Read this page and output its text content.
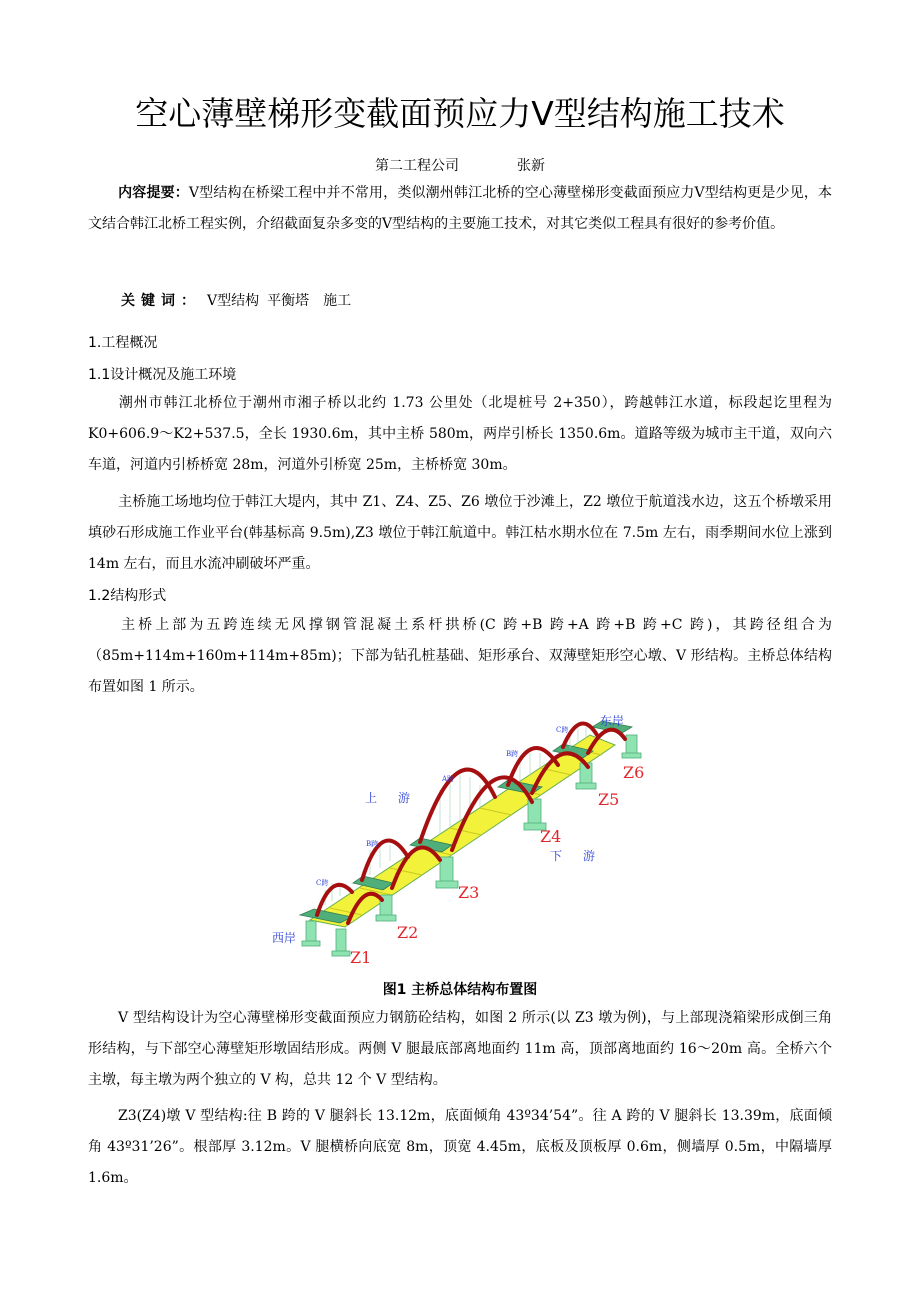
空心薄壁梯形变截面预应力Ⅴ型结构施工技术
第二工程公司	张新
内容提要：Ⅴ型结构在桥梁工程中并不常用，类似潮州韩江北桥的空心薄壁梯形变截面预应力Ⅴ型结构更是少见，本文结合韩江北桥工程实例，介绍截面复杂多变的Ⅴ型结构的主要施工技术，对其它类似工程具有很好的参考价值。
关键词： Ⅴ型结构 平衡塔 施工
1.工程概况
1.1设计概况及施工环境
潮州市韩江北桥位于潮州市湘子桥以北约 1.73 公里处（北堤桩号 2+350），跨越韩江水道，标段起讫里程为 K0+606.9～K2+537.5，全长 1930.6m，其中主桥 580m，两岸引桥长 1350.6m。道路等级为城市主干道，双向六车道，河道内引桥桥宽 28m，河道外引桥宽 25m，主桥桥宽 30m。
主桥施工场地均位于韩江大堤内，其中 Z1、Z4、Z5、Z6 墩位于沙滩上，Z2 墩位于航道浅水边，这五个桥墩采用填砂石形成施工作业平台(韩基标高 9.5m),Z3 墩位于韩江航道中。韩江枯水期水位在 7.5m 左右，雨季期间水位上涨到 14m 左右，而且水流冲刷破坏严重。
1.2结构形式
主桥上部为五跨连续无风撑钢管混凝土系杆拱桥(C 跨+B 跨+A 跨+B 跨+C 跨)，其跨径组合为（85m+114m+160m+114m+85m)；下部为钻孔桩基础、矩形承台、双薄壁矩形空心墩、V 形结构。主桥总体结构布置如图 1 所示。
西岸
东岸
上 游
下 游
C跨
B跨
A跨
B跨
C跨
Z1
Z2
Z3
Z4
Z5
Z6
图1 主桥总体结构布置图
V 型结构设计为空心薄壁梯形变截面预应力钢筋砼结构，如图 2 所示(以 Z3 墩为例)，与上部现浇箱梁形成倒三角形结构，与下部空心薄壁矩形墩固结形成。两侧 V 腿最底部离地面约 11m 高，顶部离地面约 16～20m 高。全桥六个主墩，每主墩为两个独立的 V 构，总共 12 个 V 型结构。
Z3(Z4)墩 V 型结构:往 B 跨的 V 腿斜长 13.12m，底面倾角 43º34’54”。往 A 跨的 V 腿斜长 13.39m，底面倾角 43º31’26”。根部厚 3.12m。V 腿横桥向底宽 8m，顶宽 4.45m，底板及顶板厚 0.6m，侧墙厚 0.5m，中隔墙厚 1.6m。
